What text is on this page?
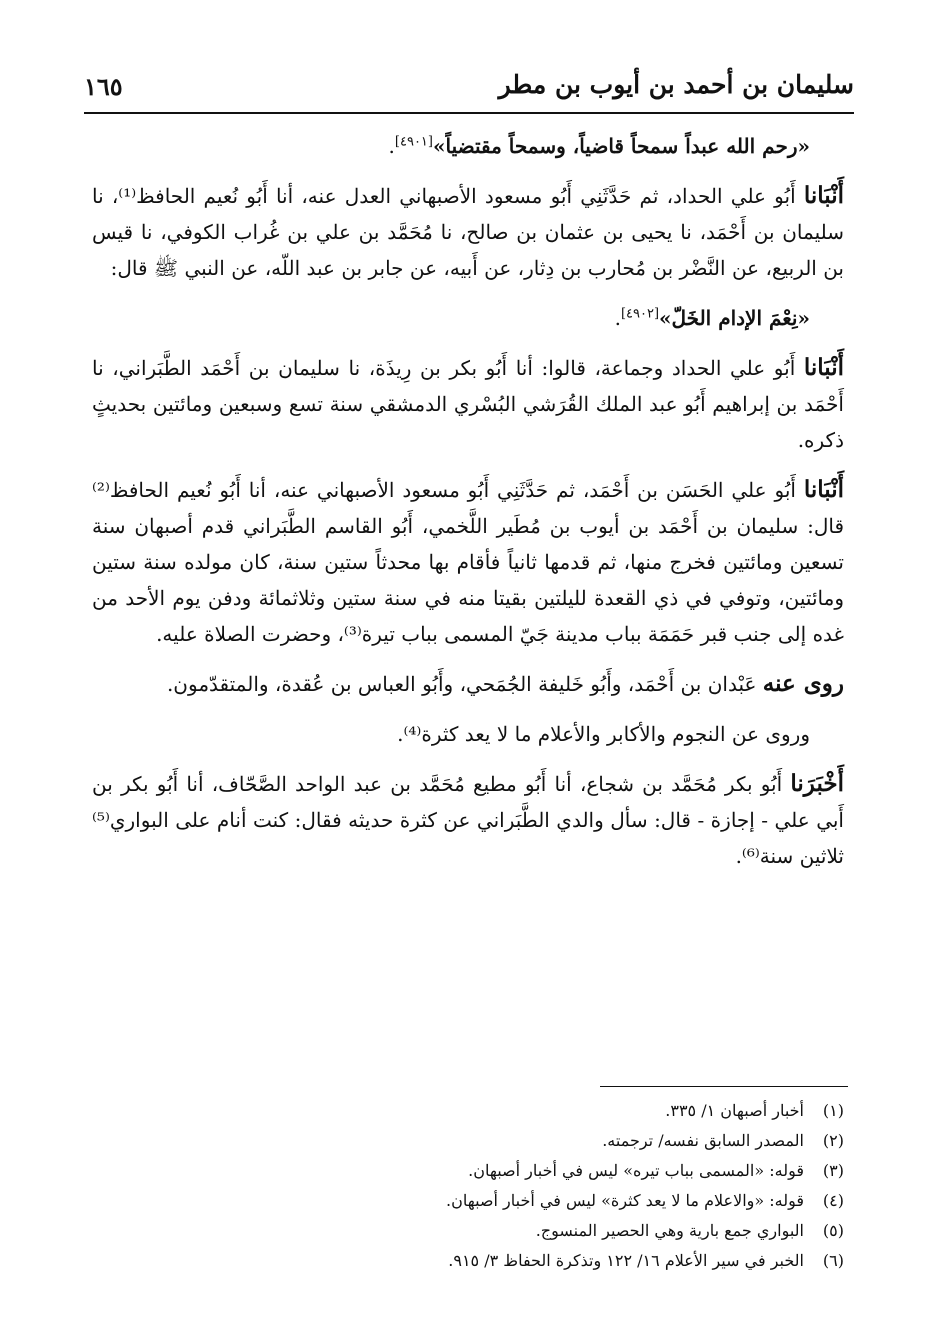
سليمان بن أحمد بن أيوب بن مطر
١٦٥

«رحم الله عبداً سمحاً قاضياً، وسمحاً مقتضياً»[٤٩٠١].

أَنْبَانا أَبُو علي الحداد، ثم حَدَّثَنِي أَبُو مسعود الأصبهاني العدل عنه، أنا أَبُو نُعيم الحافظ⁽¹⁾، نا سليمان بن أَحْمَد، نا يحيى بن عثمان بن صالح، نا مُحَمَّد بن علي بن غُراب الكوفي، نا قيس بن الربيع، عن النَّضْر بن مُحارب بن دِثار، عن أَبيه، عن جابر بن عبد اللّه، عن النبي ﷺ قال:

«نِعْمَ الإدام الخَلّ»[٤٩٠٢].

أَنْبَانا أَبُو علي الحداد وجماعة، قالوا: أنا أَبُو بكر بن رِيذَة، نا سليمان بن أَحْمَد الطَّبَراني، نا أَحْمَد بن إبراهيم أَبُو عبد الملك القُرَشي البُسْري الدمشقي سنة تسع وسبعين ومائتين بحديثٍ ذكره.

أَنْبَانا أَبُو علي الحَسَن بن أَحْمَد، ثم حَدَّثَنِي أَبُو مسعود الأصبهاني عنه، أنا أَبُو نُعيم الحافظ⁽²⁾ قال: سليمان بن أَحْمَد بن أيوب بن مُطَير اللَّخمي، أَبُو القاسم الطَّبَراني قدم أصبهان سنة تسعين ومائتين فخرج منها، ثم قدمها ثانياً فأقام بها محدثاً ستين سنة، كان مولده سنة ستين ومائتين، وتوفي في ذي القعدة لليلتين بقيتا منه في سنة ستين وثلاثمائة ودفن يوم الأحد من غده إلى جنب قبر حَمَمَة بباب مدينة جَيّ المسمى بباب تيرة⁽³⁾، وحضرت الصلاة عليه.

روى عنه عَبْدان بن أَحْمَد، وأَبُو خَليفة الجُمَحي، وأَبُو العباس بن عُقدة، والمتقدّمون.

وروى عن النجوم والأكابر والأعلام ما لا يعد كثرة⁽⁴⁾.

أَخْبَرَنا أَبُو بكر مُحَمَّد بن شجاع، أنا أَبُو مطيع مُحَمَّد بن عبد الواحد الصَّحّاف، أنا أَبُو بكر بن أَبي علي - إجازة - قال: سأل والدي الطَّبَراني عن كثرة حديثه فقال: كنت أنام على البواري⁽⁵⁾ ثلاثين سنة⁽⁶⁾.

(١)
أخبار أصبهان ١/ ٣٣٥.
(٢)
المصدر السابق نفسه/ ترجمته.
(٣)
قوله: «المسمى بباب تيره» ليس في أخبار أصبهان.
(٤)
قوله: «والاعلام ما لا يعد كثرة» ليس في أخبار أصبهان.
(٥)
البواري جمع بارية وهي الحصير المنسوج.
(٦)
الخبر في سير الأعلام ١٦/ ١٢٢ وتذكرة الحفاظ ٣/ ٩١٥.
